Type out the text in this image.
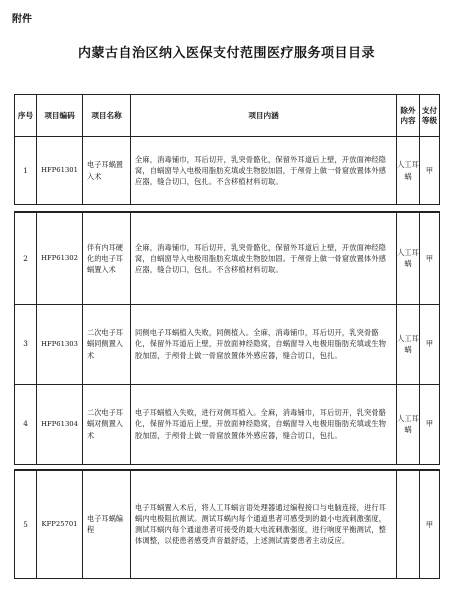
附件
内蒙古自治区纳入医保支付范围医疗服务项目目录
序号	项目编码	项目名称	项目内涵	除外内容	支付等级
1	HFP61301	电子耳蜗置入术	全麻，消毒铺巾，耳后切开，乳突骨骼化，保留外耳道后上壁，开放面神经隐窝，自蜗窗导入电极用脂肪充填或生物胶加固，于颅骨上做一骨窟放置体外感应器，缝合切口，包扎。不含移植材料切取。	人工耳蜗	甲
2	HFP61302	伴有内耳硬化的电子耳蜗置入术	全麻，消毒铺巾，耳后切开，乳突骨骼化，保留外耳道后上壁，开放面神经隐窝，自蜗窗导入电极用脂肪充填或生物胶加固。于颅骨上做一骨窟放置体外感应器，缝合切口，包扎。不含移植材料切取。	人工耳蜗	甲
3	HFP61303	二次电子耳蜗同侧置入术	同侧电子耳蜗植入失败，同侧植入。全麻，消毒铺巾，耳后切开，乳突骨骼化，保留外耳道后上壁，开放面神经隐窝，自蜗窗导入电极用脂肪充填或生物胶加固，于颅骨上做一骨窟放置体外感应器，缝合切口，包扎。	人工耳蜗	甲
4	HFP61304	二次电子耳蜗对侧置入术	电子耳蜗植入失败，进行对侧耳植入。全麻，消毒铺巾，耳后切开，乳突骨骼化，保留外耳道后上壁，开放面神经隐窝，自蜗窗导入电极用脂肪充填或生物胶加固，于颅骨上做一骨窟放置体外感应器，缝合切口，包扎。	人工耳蜗	甲
5	KFP25701	电子耳蜗编程	电子耳蜗置入术后，将人工耳蜗言语处理器通过编程接口与电脑连接，进行耳蜗内电极阻抗测试。测试耳蜗内每个通道患者可感受到的最小电流刺激强度，测试耳蜗内每个通道患者可接受的最大电流刺激强度，进行响度平衡测试，整体调整，以使患者感受声音最舒适，上述测试需要患者主动反应。		甲
